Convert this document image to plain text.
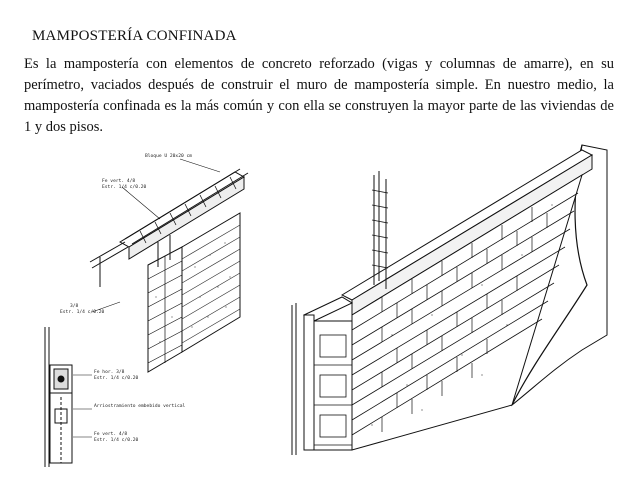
MAMPOSTERÍA CONFINADA

Es la mampostería con elementos de concreto reforzado (vigas y columnas de amarre), en su perímetro, vaciados después de construir el muro de mampostería simple. En nuestro medio, la mampostería confinada es la más común y con ella se construyen la mayor parte de las viviendas de 1 y dos pisos.

Bloque U 20x20 cm
Fe vert. 4/8
Estr. 1/4 c/0.20
3/8
Estr. 1/4 c/0.20
Fe hor. 3/8
Estr. 1/4 c/0.20
Arriostramiento embebido vertical
Fe vert. 4/8
Estr. 1/4 c/0.20
